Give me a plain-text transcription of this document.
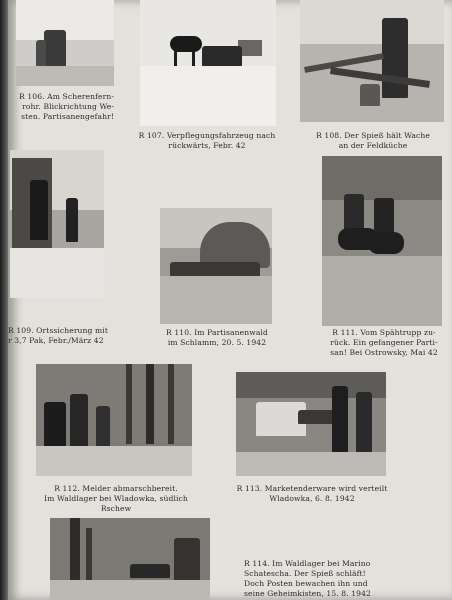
R 106. Am Scherenfern-
rohr. Blickrichtung We-
sten. Partisanengefahr!
R 107. Verpflegungsfahrzeug nach
rückwärts, Febr. 42
R 108. Der Spieß hält Wache
an der Feldküche
R 109. Ortssicherung mit
r 3,7 Pak, Febr./März 42
R 110. Im Partisanenwald
im Schlamm, 20. 5. 1942
R 111. Vom Spähtrupp zu-
rück. Ein gefangener Parti-
san! Bei Ostrowsky, Mai 42
R 112. Melder abmarschbereit.
Im Waldlager bei Wladowka, südlich
Rschew
R 113. Marketenderware wird verteilt
Wladowka, 6. 8. 1942
R 114. Im Waldlager bei Marino
Schatescha. Der Spieß schläft!
Doch Posten bewachen ihn und
seine Geheimkisten, 15. 8. 1942
